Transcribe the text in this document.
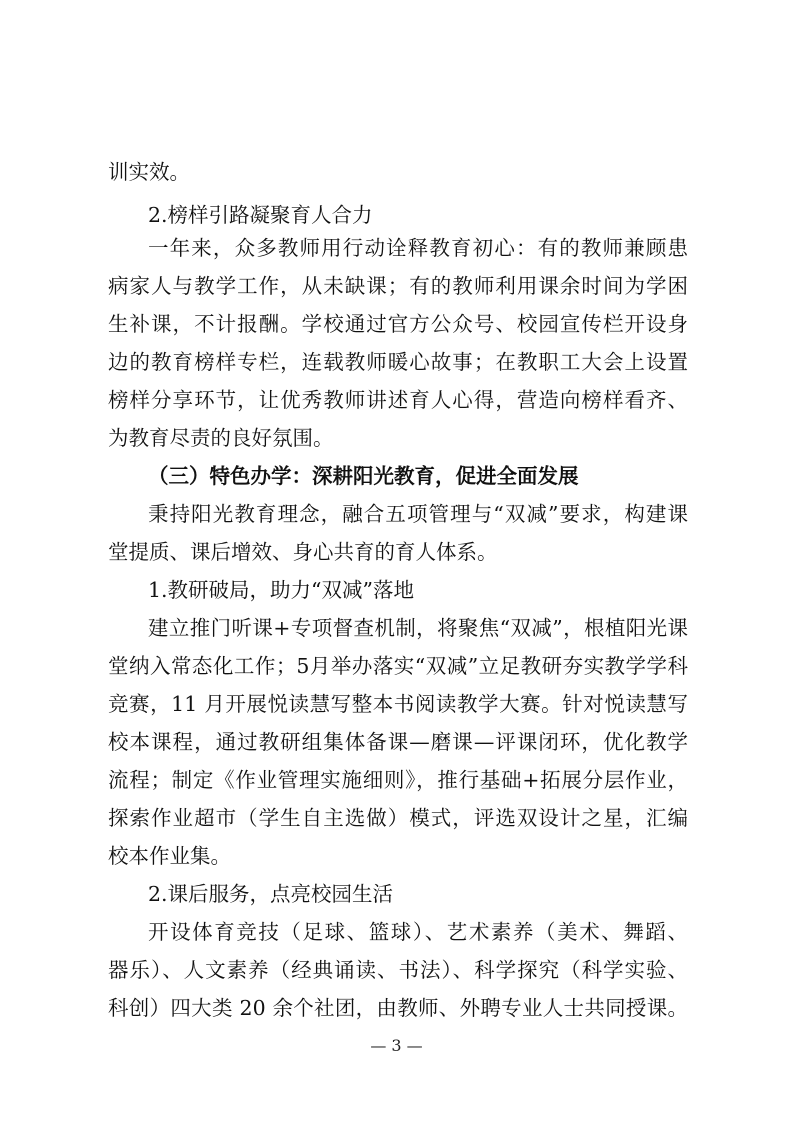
训实效。
2.榜样引路凝聚育人合力
一年来，众多教师用行动诠释教育初心：有的教师兼顾患
病家人与教学工作，从未缺课；有的教师利用课余时间为学困
生补课，不计报酬。学校通过官方公众号、校园宣传栏开设身
边的教育榜样专栏，连载教师暖心故事；在教职工大会上设置
榜样分享环节，让优秀教师讲述育人心得，营造向榜样看齐、
为教育尽责的良好氛围。
（三）特色办学：深耕阳光教育，促进全面发展
秉持阳光教育理念，融合五项管理与“双减”要求，构建课
堂提质、课后增效、身心共育的育人体系。
1.教研破局，助力“双减”落地
建立推门听课+专项督查机制，将聚焦“双减”，根植阳光课
堂纳入常态化工作；5月举办落实“双减”立足教研夯实教学学科
竞赛，11 月开展悦读慧写整本书阅读教学大赛。针对悦读慧写
校本课程，通过教研组集体备课—磨课—评课闭环，优化教学
流程；制定《作业管理实施细则》，推行基础+拓展分层作业，
探索作业超市（学生自主选做）模式，评选双设计之星，汇编
校本作业集。
2.课后服务，点亮校园生活
开设体育竞技（足球、篮球）、艺术素养（美术、舞蹈、
器乐）、人文素养（经典诵读、书法）、科学探究（科学实验、
科创）四大类 20 余个社团，由教师、外聘专业人士共同授课。
— 3 —
